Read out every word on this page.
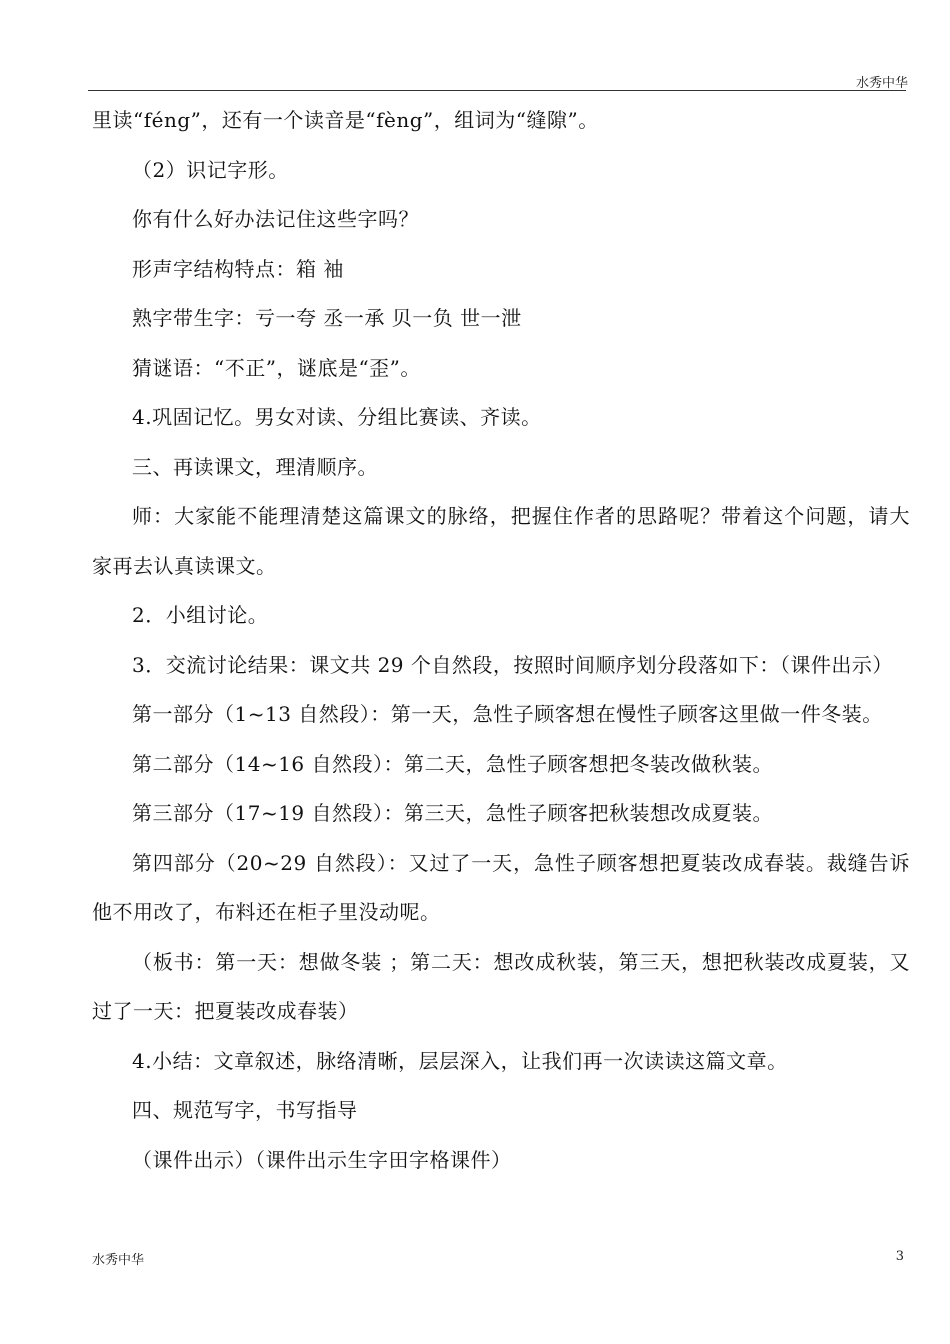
水秀中华

里读“féng”，还有一个读音是“fèng”，组词为“缝隙”。

（2）识记字形。

你有什么好办法记住这些字吗？

形声字结构特点：箱 袖

熟字带生字：亏一夸 丞一承 贝一负 世一泄

猜谜语：“不正”，谜底是“歪”。

4.巩固记忆。男女对读、分组比赛读、齐读。

三、再读课文，理清顺序。

师：大家能不能理清楚这篇课文的脉络，把握住作者的思路呢？带着这个问题，请大家再去认真读课文。

2．小组讨论。

3．交流讨论结果：课文共 29 个自然段，按照时间顺序划分段落如下：（课件出示）

第一部分（1~13 自然段）：第一天，急性子顾客想在慢性子顾客这里做一件冬装。

第二部分（14~16 自然段）：第二天，急性子顾客想把冬装改做秋装。

第三部分（17~19 自然段）：第三天，急性子顾客把秋装想改成夏装。

第四部分（20~29 自然段）：又过了一天，急性子顾客想把夏装改成春装。裁缝告诉他不用改了，布料还在柜子里没动呢。

（板书：第一天：想做冬装 ；第二天：想改成秋装，第三天，想把秋装改成夏装，又过了一天：把夏装改成春装）

4.小结：文章叙述，脉络清晰，层层深入，让我们再一次读读这篇文章。

四、规范写字，书写指导

（课件出示）（课件出示生字田字格课件）

水秀中华	3
